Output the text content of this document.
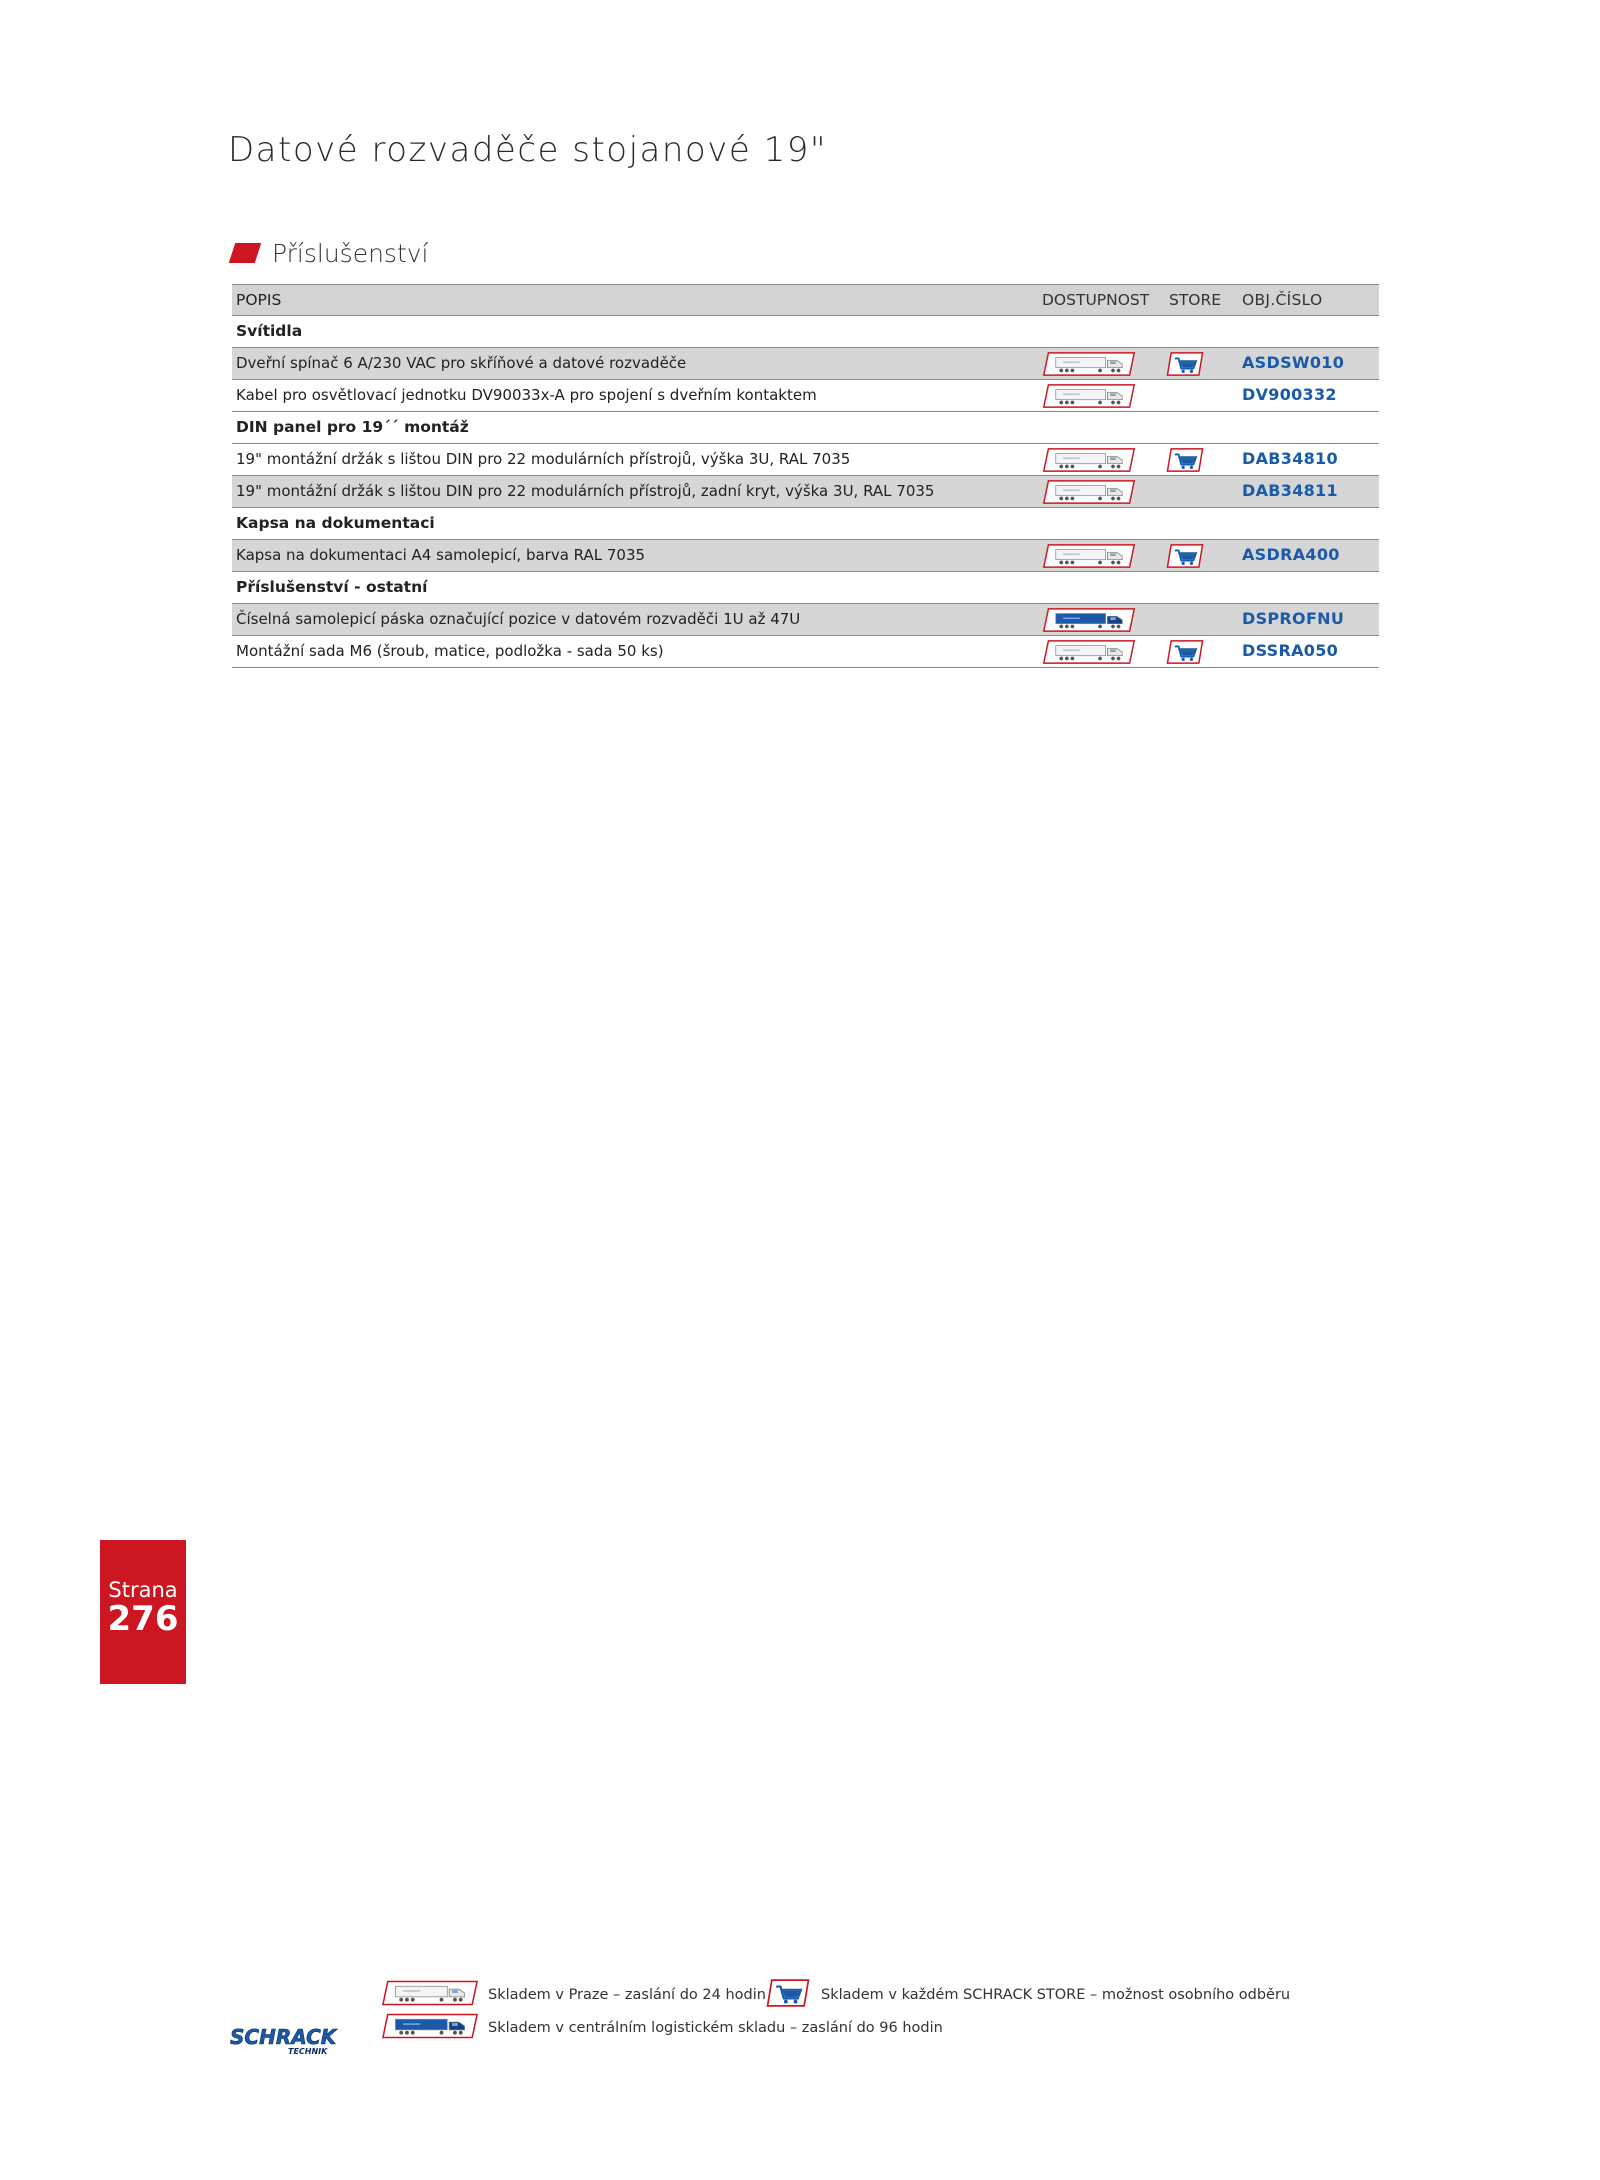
Datové rozvaděče stojanové 19"
Příslušenství
POPIS	DOSTUPNOST STORE OBJ.ČÍSLO
Svítidla
Dveřní spínač 6 A/230 VAC pro skříňové a datové rozvaděče	ASDSW010
Kabel pro osvětlovací jednotku DV90033x-A pro spojení s dveřním kontaktem	DV900332
DIN panel pro 19´´ montáž
19" montážní držák s lištou DIN pro 22 modulárních přístrojů, výška 3U, RAL 7035	DAB34810
19" montážní držák s lištou DIN pro 22 modulárních přístrojů, zadní kryt, výška 3U, RAL 7035	DAB34811
Kapsa na dokumentaci
Kapsa na dokumentaci A4 samolepicí, barva RAL 7035	ASDRA400
Příslušenství - ostatní
Číselná samolepicí páska označující pozice v datovém rozvaděči 1U až 47U	DSPROFNU
Montážní sada M6 (šroub, matice, podložka - sada 50 ks)	DSSRA050
Strana
276
Skladem v Praze – zaslání do 24 hodin	Skladem v každém SCHRACK STORE – možnost osobního odběru
Skladem v centrálním logistickém skladu – zaslání do 96 hodin
SCHRACK
TECHNIK
